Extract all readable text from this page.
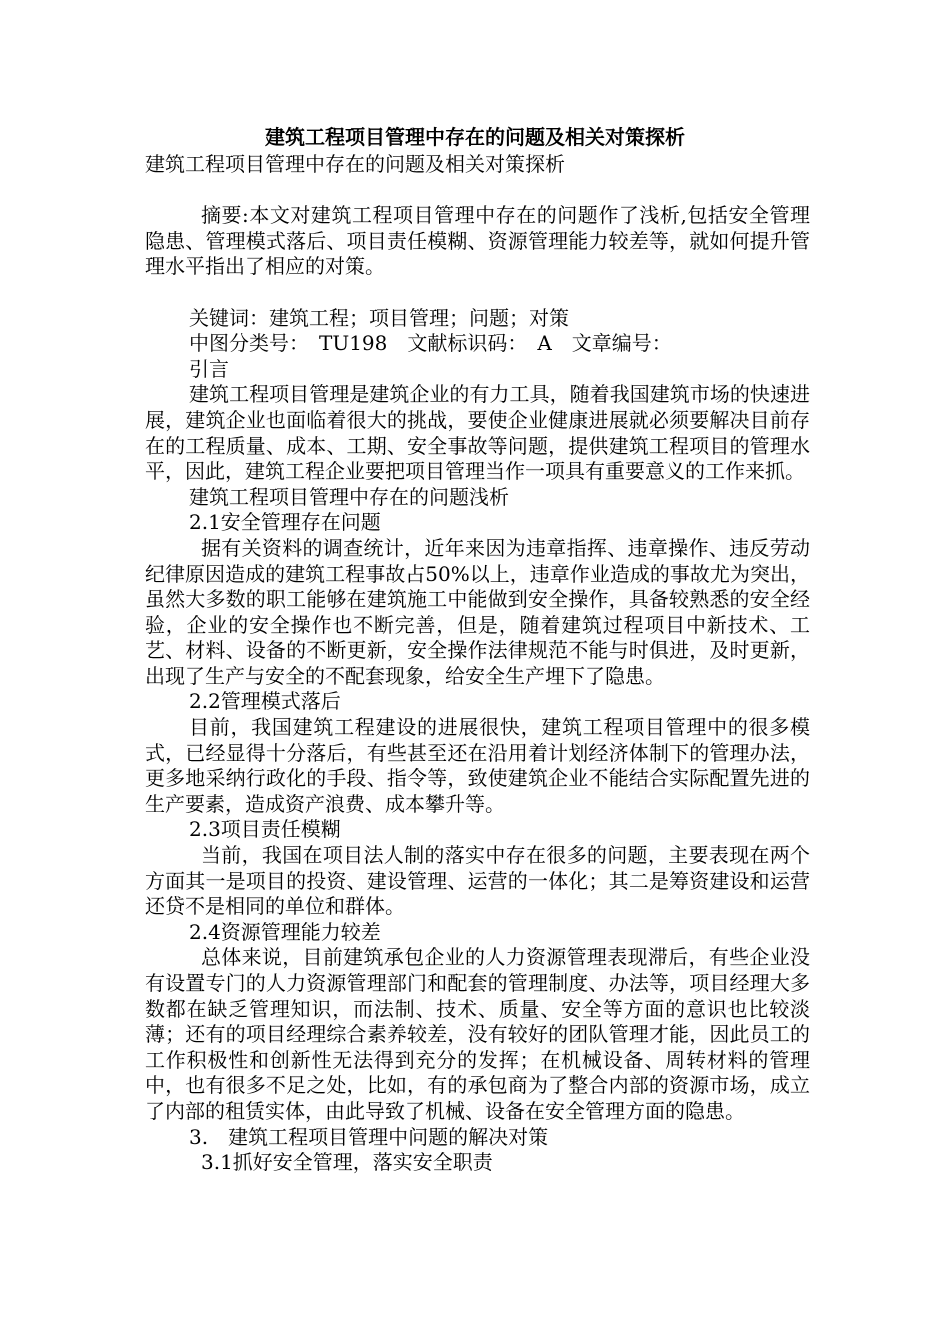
建筑工程项目管理中存在的问题及相关对策探析

建筑工程项目管理中存在的问题及相关对策探析

摘要:本文对建筑工程项目管理中存在的问题作了浅析,包括安全管理隐患、管理模式落后、项目责任模糊、资源管理能力较差等，就如何提升管理水平指出了相应的对策。

关键词：建筑工程；项目管理；问题；对策

中图分类号：　TU198　文献标识码：　A　文章编号：

引言

建筑工程项目管理是建筑企业的有力工具，随着我国建筑市场的快速进展，建筑企业也面临着很大的挑战，要使企业健康进展就必须要解决目前存在的工程质量、成本、工期、安全事故等问题，提供建筑工程项目的管理水平，因此，建筑工程企业要把项目管理当作一项具有重要意义的工作来抓。

建筑工程项目管理中存在的问题浅析

2.1安全管理存在问题

据有关资料的调查统计，近年来因为违章指挥、违章操作、违反劳动纪律原因造成的建筑工程事故占50%以上，违章作业造成的事故尤为突出，虽然大多数的职工能够在建筑施工中能做到安全操作，具备较熟悉的安全经验，企业的安全操作也不断完善，但是，随着建筑过程项目中新技术、工艺、材料、设备的不断更新，安全操作法律规范不能与时俱进，及时更新，出现了生产与安全的不配套现象，给安全生产埋下了隐患。

2.2管理模式落后

目前，我国建筑工程建设的进展很快，建筑工程项目管理中的很多模式，已经显得十分落后，有些甚至还在沿用着计划经济体制下的管理办法，更多地采纳行政化的手段、指令等，致使建筑企业不能结合实际配置先进的生产要素，造成资产浪费、成本攀升等。

2.3项目责任模糊

当前，我国在项目法人制的落实中存在很多的问题，主要表现在两个方面其一是项目的投资、建设管理、运营的一体化；其二是筹资建设和运营还贷不是相同的单位和群体。

2.4资源管理能力较差

总体来说，目前建筑承包企业的人力资源管理表现滞后，有些企业没有设置专门的人力资源管理部门和配套的管理制度、办法等，项目经理大多数都在缺乏管理知识，而法制、技术、质量、安全等方面的意识也比较淡薄；还有的项目经理综合素养较差，没有较好的团队管理才能，因此员工的工作积极性和创新性无法得到充分的发挥；在机械设备、周转材料的管理中，也有很多不足之处，比如，有的承包商为了整合内部的资源市场，成立了内部的租赁实体，由此导致了机械、设备在安全管理方面的隐患。

3.　建筑工程项目管理中问题的解决对策

3.1抓好安全管理，落实安全职责
